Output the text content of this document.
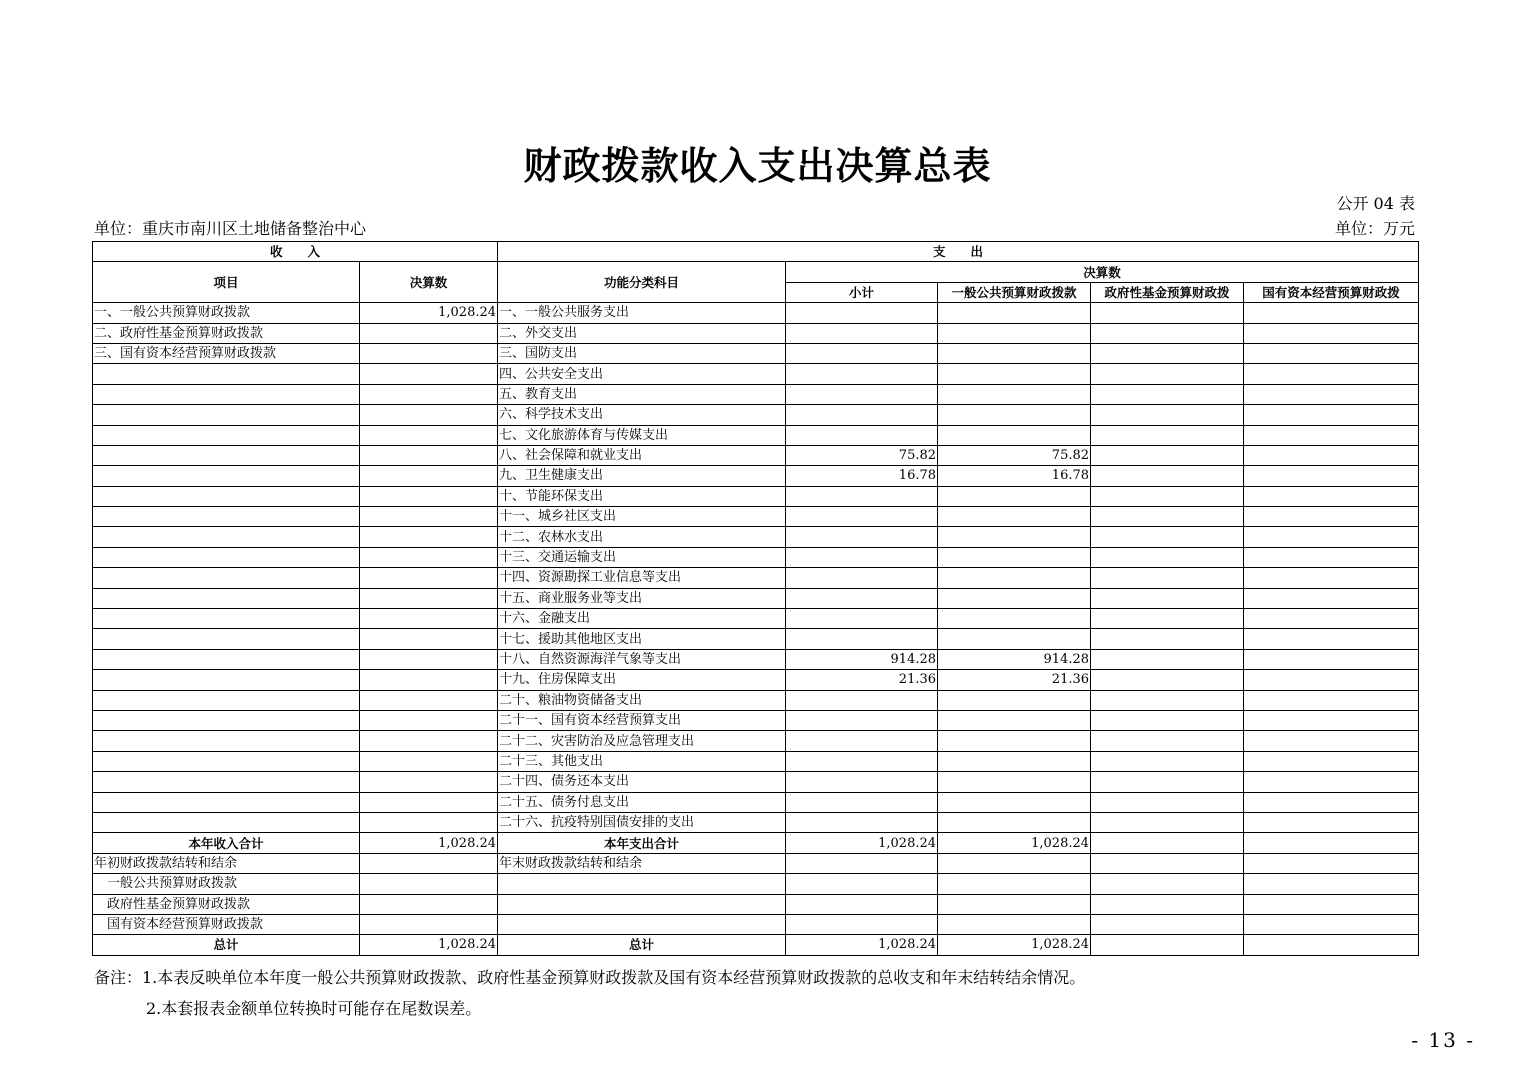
财政拨款收入支出决算总表
公开 04 表
单位：重庆市南川区土地储备整治中心	单位：万元
收　　入		支　　出				
项目	决算数	功能分类科目	决算数			
			小计	一般公共预算财政拨款	政府性基金预算财政拨	国有资本经营预算财政拨
一、一般公共预算财政拨款	1,028.24	一、一般公共服务支出				
二、政府性基金预算财政拨款		二、外交支出				
三、国有资本经营预算财政拨款		三、国防支出				
		四、公共安全支出				
		五、教育支出				
		六、科学技术支出				
		七、文化旅游体育与传媒支出				
		八、社会保障和就业支出	75.82	75.82		
		九、卫生健康支出	16.78	16.78		
		十、节能环保支出				
		十一、城乡社区支出				
		十二、农林水支出				
		十三、交通运输支出				
		十四、资源勘探工业信息等支出				
		十五、商业服务业等支出				
		十六、金融支出				
		十七、援助其他地区支出				
		十八、自然资源海洋气象等支出	914.28	914.28		
		十九、住房保障支出	21.36	21.36		
		二十、粮油物资储备支出				
		二十一、国有资本经营预算支出				
		二十二、灾害防治及应急管理支出				
		二十三、其他支出				
		二十四、债务还本支出				
		二十五、债务付息支出				
		二十六、抗疫特别国债安排的支出				
本年收入合计	1,028.24	本年支出合计	1,028.24	1,028.24		
年初财政拨款结转和结余		年末财政拨款结转和结余				
一般公共预算财政拨款						
政府性基金预算财政拨款						
国有资本经营预算财政拨款						
总计	1,028.24	总计	1,028.24	1,028.24		
备注：1.本表反映单位本年度一般公共预算财政拨款、政府性基金预算财政拨款及国有资本经营预算财政拨款的总收支和年末结转结余情况。
2.本套报表金额单位转换时可能存在尾数误差。
- 13 -
